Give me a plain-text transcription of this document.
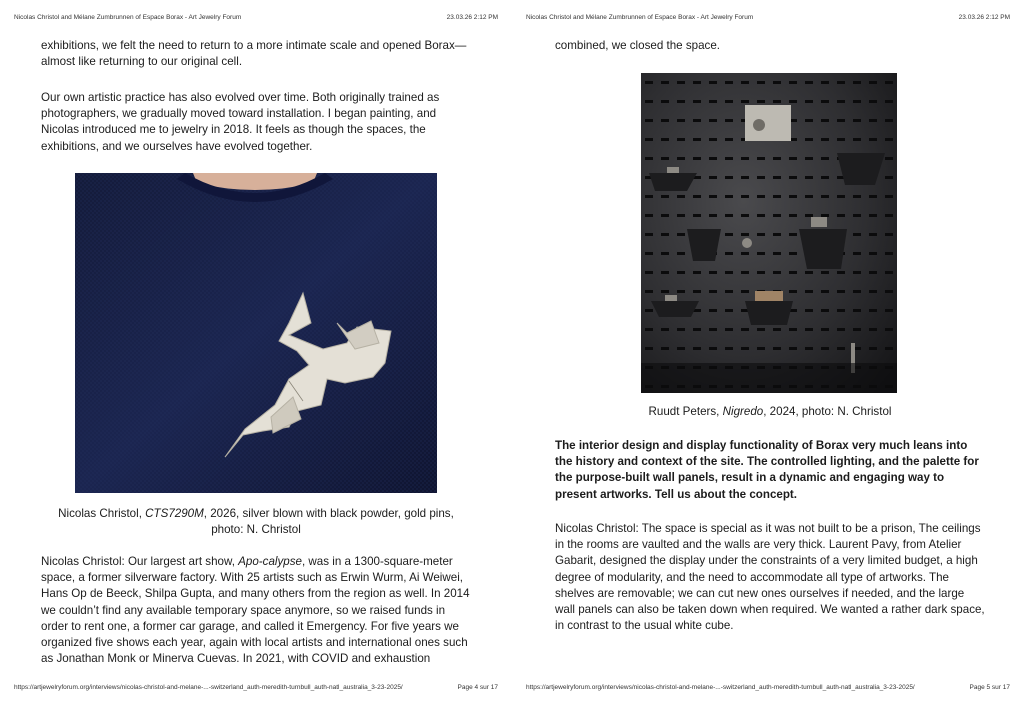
Nicolas Christol and Mélane Zumbrunnen of Espace Borax - Art Jewelry Forum	23.03.26 2:12 PM

exhibitions, we felt the need to return to a more intimate scale and opened Borax—almost like returning to our original cell.

Our own artistic practice has also evolved over time. Both originally trained as photographers, we gradually moved toward installation. I began painting, and Nicolas introduced me to jewelry in 2018. It feels as though the spaces, the exhibitions, and we ourselves have evolved together.

Nicolas Christol, CTS7290M, 2026, silver blown with black powder, gold pins, photo: N. Christol

Nicolas Christol: Our largest art show, Apo-calypse, was in a 1300-square-meter space, a former silverware factory. With 25 artists such as Erwin Wurm, Ai Weiwei, Hans Op de Beeck, Shilpa Gupta, and many others from the region as well. In 2014 we couldn’t find any available temporary space anymore, so we raised funds in order to rent one, a former car garage, and called it Emergency. For five years we organized five shows each year, again with local artists and international ones such as Jonathan Monk or Minerva Cuevas. In 2021, with COVID and exhaustion

https://artjewelryforum.org/interviews/nicolas-christol-and-melane-...-switzerland_auth-meredith-turnbull_auth-natl_australia_3-23-2025/	Page 4 sur 17
Nicolas Christol and Mélane Zumbrunnen of Espace Borax - Art Jewelry Forum	23.03.26 2:12 PM

combined, we closed the space.

Ruudt Peters, Nigredo, 2024, photo: N. Christol

The interior design and display functionality of Borax very much leans into the history and context of the site. The controlled lighting, and the palette for the purpose-built wall panels, result in a dynamic and engaging way to present artworks. Tell us about the concept.

Nicolas Christol: The space is special as it was not built to be a prison, The ceilings in the rooms are vaulted and the walls are very thick. Laurent Pavy, from Atelier Gabarit, designed the display under the constraints of a very limited budget, a high degree of modularity, and the need to accommodate all type of artworks. The shelves are removable; we can cut new ones ourselves if needed, and the large wall panels can also be taken down when required. We wanted a rather dark space, in contrast to the usual white cube.

https://artjewelryforum.org/interviews/nicolas-christol-and-melane-...-switzerland_auth-meredith-turnbull_auth-natl_australia_3-23-2025/	Page 5 sur 17
